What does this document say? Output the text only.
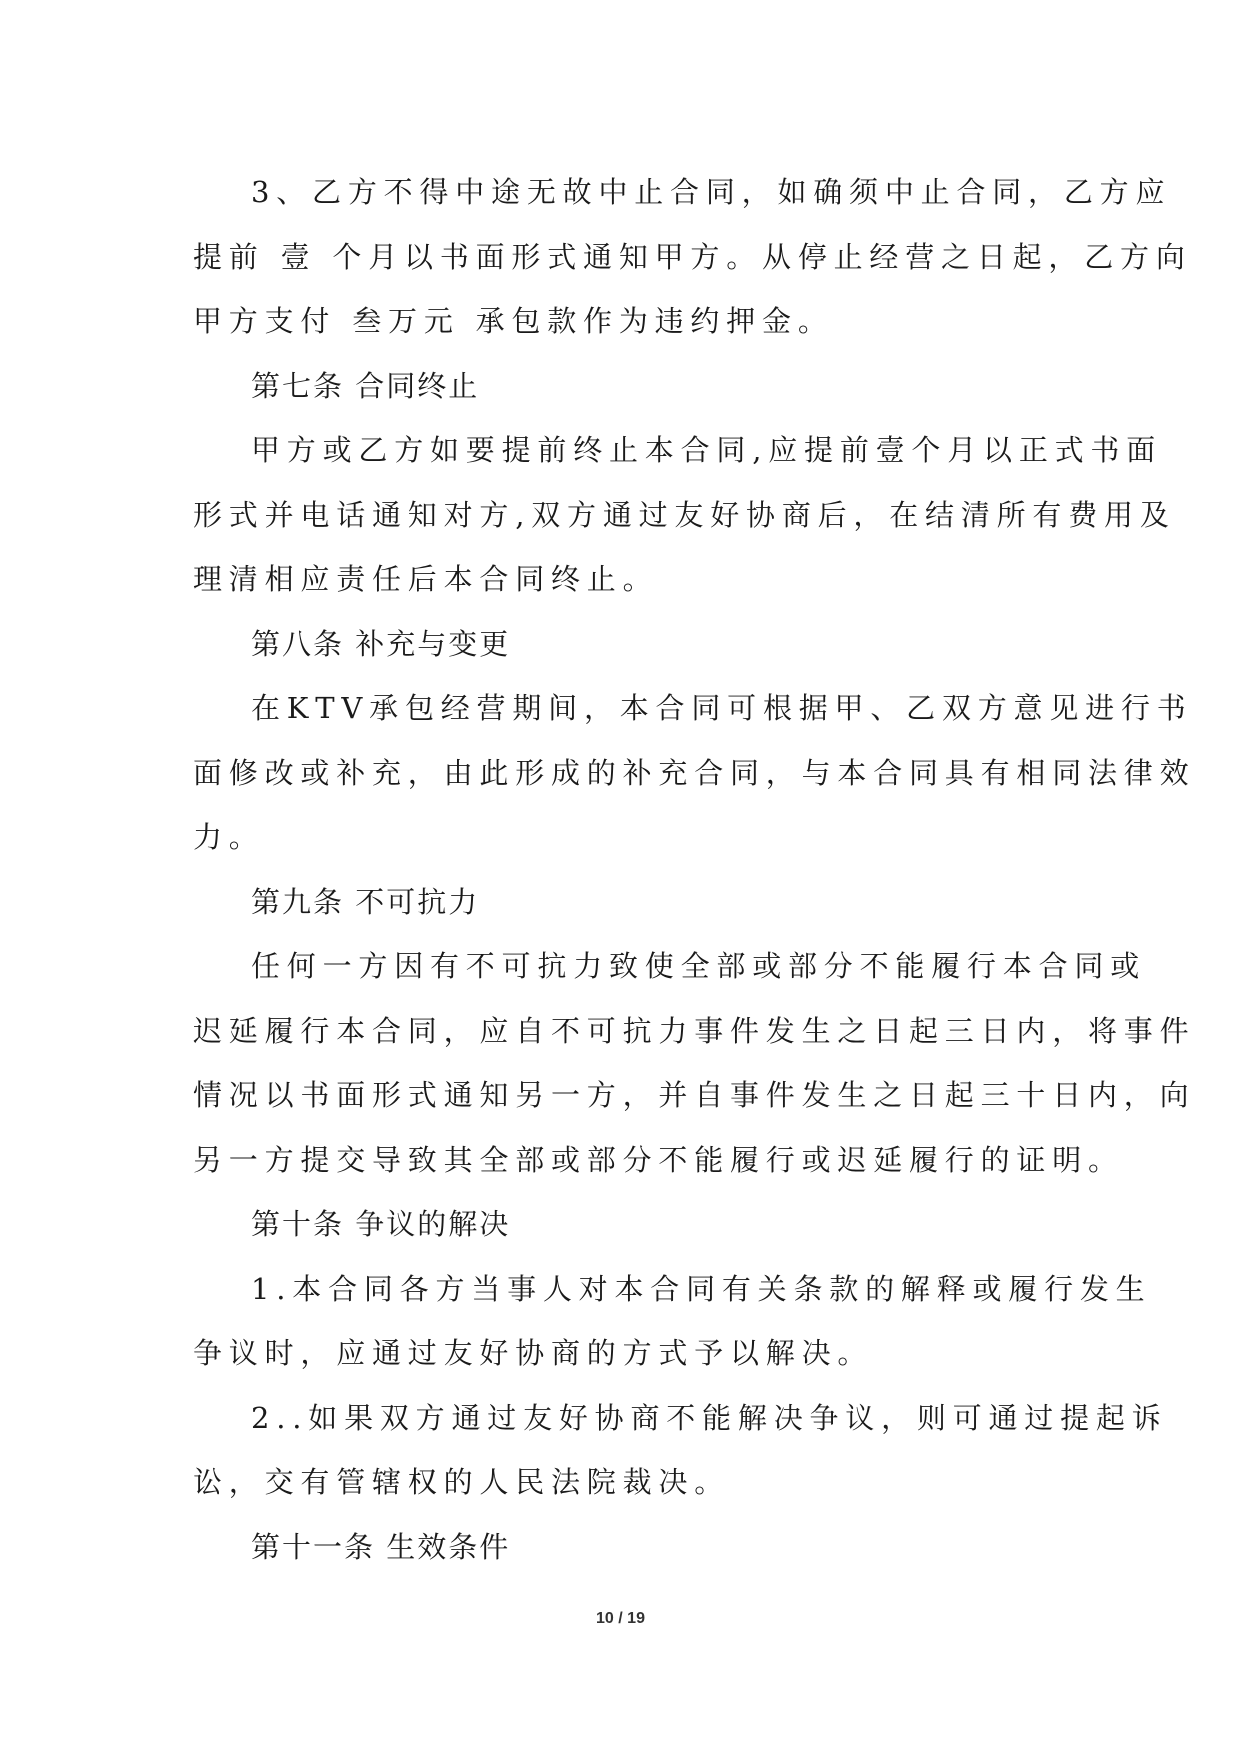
3、乙方不得中途无故中止合同，如确须中止合同，乙方应
提前 壹 个月以书面形式通知甲方。从停止经营之日起，乙方向
甲方支付 叁万元 承包款作为违约押金。
第七条 合同终止
甲方或乙方如要提前终止本合同,应提前壹个月以正式书面
形式并电话通知对方,双方通过友好协商后，在结清所有费用及
理清相应责任后本合同终止。
第八条 补充与变更
在KTV承包经营期间，本合同可根据甲、乙双方意见进行书
面修改或补充，由此形成的补充合同，与本合同具有相同法律效
力。
第九条 不可抗力
任何一方因有不可抗力致使全部或部分不能履行本合同或
迟延履行本合同，应自不可抗力事件发生之日起三日内，将事件
情况以书面形式通知另一方，并自事件发生之日起三十日内，向
另一方提交导致其全部或部分不能履行或迟延履行的证明。
第十条 争议的解决
1.本合同各方当事人对本合同有关条款的解释或履行发生
争议时，应通过友好协商的方式予以解决。
2..如果双方通过友好协商不能解决争议，则可通过提起诉
讼，交有管辖权的人民法院裁决。
第十一条 生效条件
10 / 19
